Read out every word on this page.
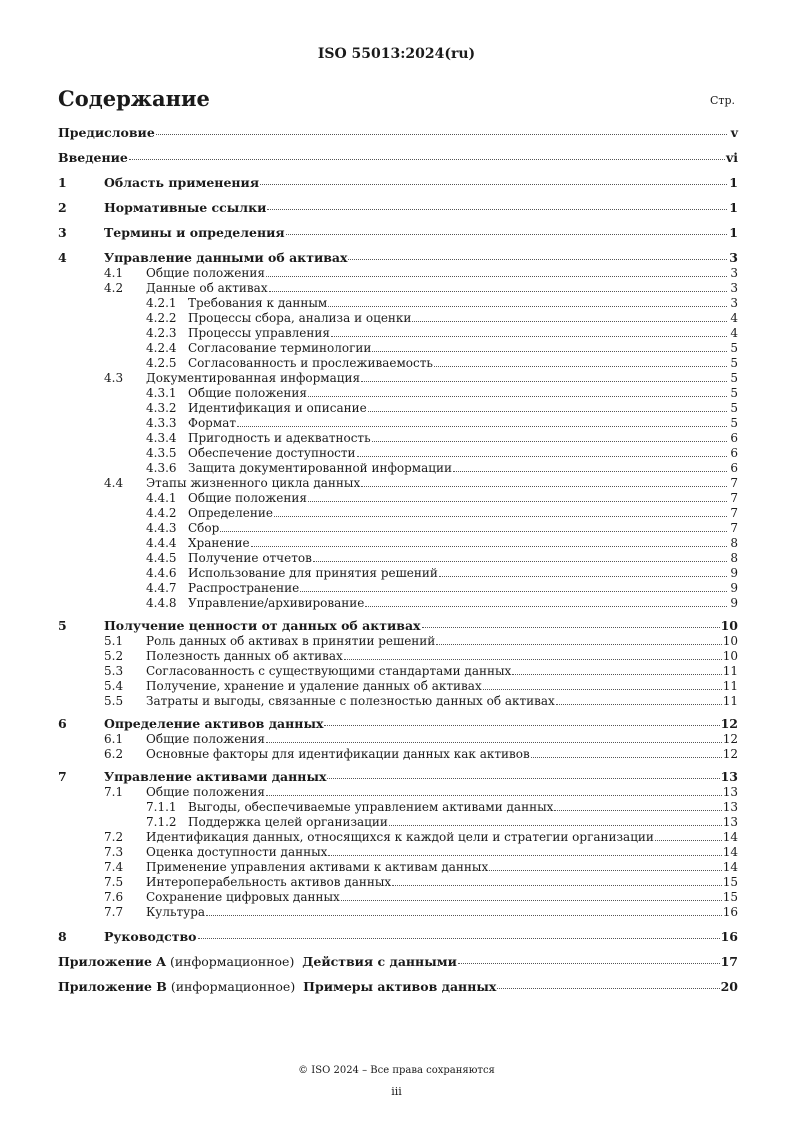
ISO 55013:2024(ru)
Содержание	Стр.
Предисловие	v
Введение	vi
1	Область применения	1
2	Нормативные ссылки	1
3	Термины и определения	1
4	Управление данными об активах	3
4.1 Общие положения	3
4.2 Данные об активах	3
4.2.1 Требования к данным	3
4.2.2 Процессы сбора, анализа и оценки	4
4.2.3 Процессы управления	4
4.2.4 Согласование терминологии	5
4.2.5 Согласованность и прослеживаемость	5
4.3 Документированная информация	5
4.3.1 Общие положения	5
4.3.2 Идентификация и описание	5
4.3.3 Формат	5
4.3.4 Пригодность и адекватность	6
4.3.5 Обеспечение доступности	6
4.3.6 Защита документированной информации	6
4.4 Этапы жизненного цикла данных	7
4.4.1 Общие положения	7
4.4.2 Определение	7
4.4.3 Сбор	7
4.4.4 Хранение	8
4.4.5 Получение отчетов	8
4.4.6 Использование для принятия решений	9
4.4.7 Распространение	9
4.4.8 Управление/архивирование	9
5	Получение ценности от данных об активах	10
5.1 Роль данных об активах в принятии решений	10
5.2 Полезность данных об активах	10
5.3 Согласованность с существующими стандартами данных	11
5.4 Получение, хранение и удаление данных об активах	11
5.5 Затраты и выгоды, связанные с полезностью данных об активах	11
6	Определение активов данных	12
6.1 Общие положения	12
6.2 Основные факторы для идентификации данных как активов	12
7	Управление активами данных	13
7.1 Общие положения	13
7.1.1 Выгоды, обеспечиваемые управлением активами данных	13
7.1.2 Поддержка целей организации	13
7.2 Идентификация данных, относящихся к каждой цели и стратегии организации	14
7.3 Оценка доступности данных	14
7.4 Применение управления активами к активам данных	14
7.5 Интероперабельность активов данных	15
7.6 Сохранение цифровых данных	15
7.7 Культура	16
8	Руководство	16
Приложение A (информационное) Действия с данными	17
Приложение B (информационное) Примеры активов данных	20
© ISO 2024 – Все права сохраняются
iii
